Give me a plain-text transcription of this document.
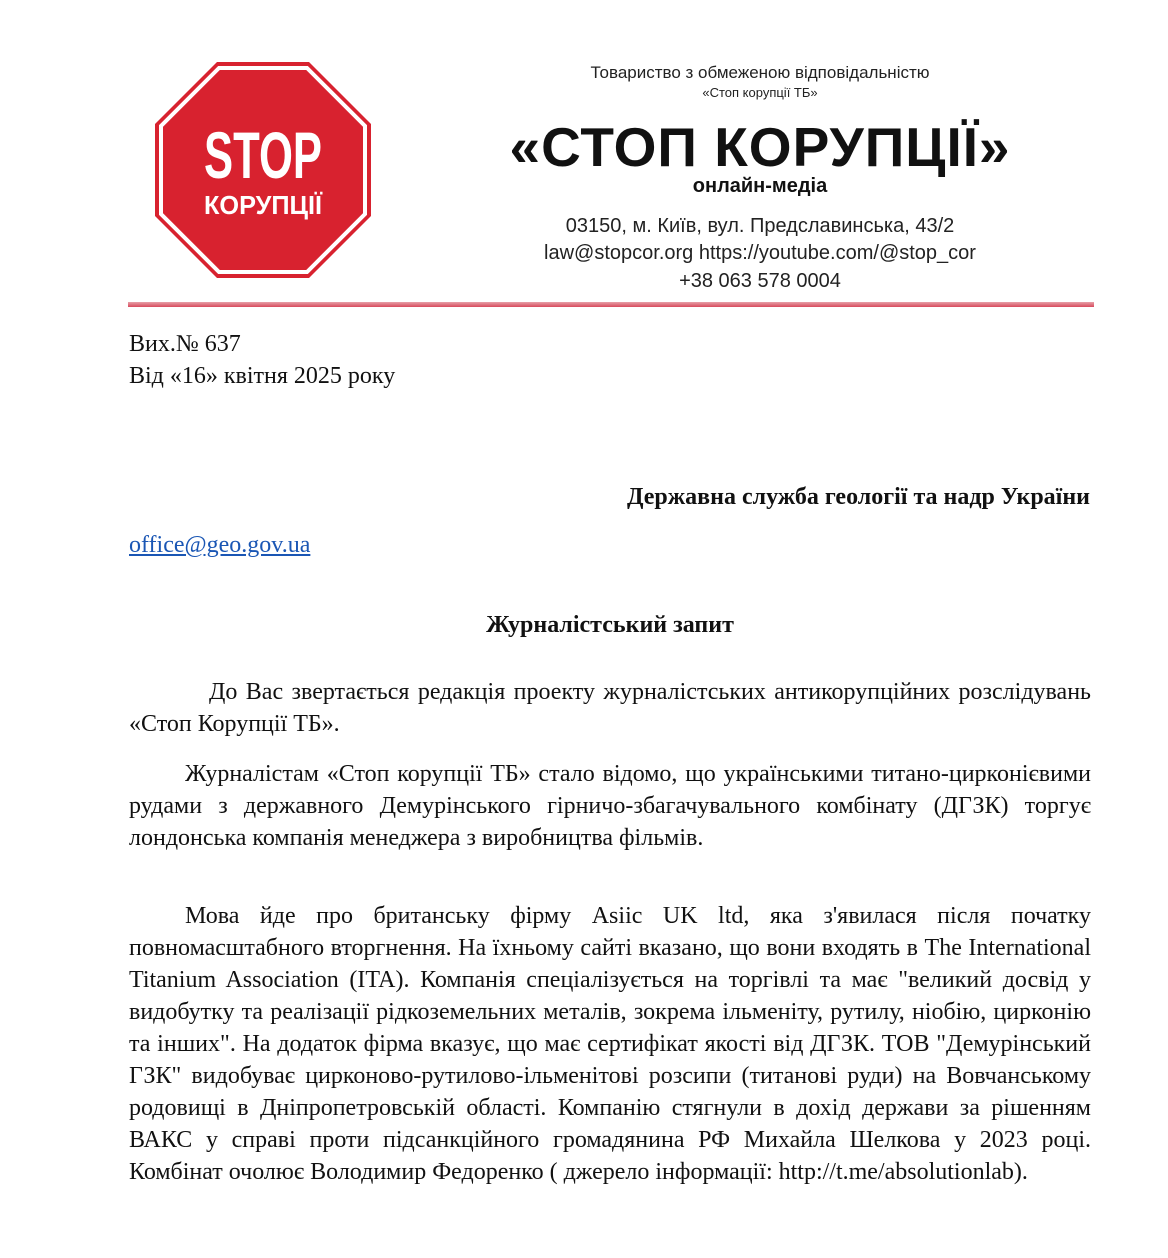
STOP
КОРУПЦІЇ
Товариство з обмеженою відповідальністю
«Стоп корупції ТБ»
«СТОП КОРУПЦІЇ»
онлайн-медіа
03150, м. Київ, вул. Предславинська, 43/2
law@stopcor.org https://youtube.com/@stop_cor
+38 063 578 0004
Вих.№ 637
Від «16» квітня 2025 року
Державна служба геології та надр України
office@geo.gov.ua
Журналістський запит

До Вас звертається редакція проекту журналістських антикорупційних розслідувань «Стоп Корупції ТБ».

Журналістам «Стоп корупції ТБ» стало відомо, що українськими титано-цирконієвими рудами з державного Демурінського гірничо-збагачувального комбінату (ДГЗК) торгує лондонська компанія менеджера з виробництва фільмів.

Мова йде про британську фірму Asiic UK ltd, яка з'явилася після початку повномасштабного вторгнення. На їхньому сайті вказано, що вони входять в The International Titanium Association (ITA). Компанія спеціалізується на торгівлі та має "великий досвід у видобутку та реалізації рідкоземельних металів, зокрема ільменіту, рутилу, ніобію, цирконію та інших". На додаток фірма вказує, що має сертифікат якості від ДГЗК. ТОВ "Демурінський ГЗК" видобуває цирконово-рутилово-ільменітові розсипи (титанові руди) на Вовчанському родовищі в Дніпропетровській області. Компанію стягнули в дохід держави за рішенням ВАКС у справі проти підсанкційного громадянина РФ Михайла Шелкова у 2023 році. Комбінат очолює Володимир Федоренко ( джерело інформації: http://t.me/absolutionlab).
